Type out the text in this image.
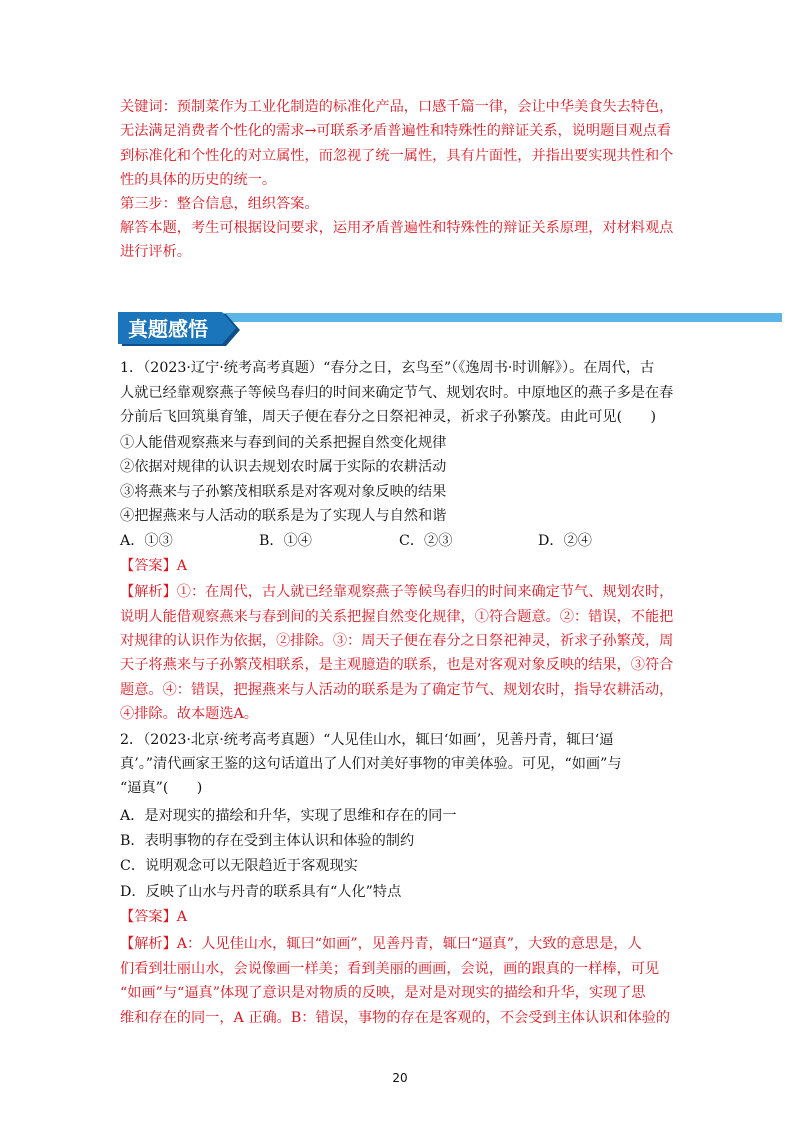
关键词：预制菜作为工业化制造的标准化产品，口感千篇一律，会让中华美食失去特色，
无法满足消费者个性化的需求→可联系矛盾普遍性和特殊性的辩证关系，说明题目观点看
到标准化和个性化的对立属性，而忽视了统一属性，具有片面性，并指出要实现共性和个
性的具体的历史的统一。
第三步：整合信息，组织答案。
解答本题，考生可根据设问要求，运用矛盾普遍性和特殊性的辩证关系原理，对材料观点
进行评析。
真题感悟
1．（2023·辽宁·统考高考真题）“春分之日，玄鸟至”（《逸周书·时训解》）。在周代，古
人就已经靠观察燕子等候鸟春归的时间来确定节气、规划农时。中原地区的燕子多是在春
分前后飞回筑巢育雏，周天子便在春分之日祭祀神灵，祈求子孙繁茂。由此可见(　　)
①人能借观察燕来与春到间的关系把握自然变化规律
②依据对规律的认识去规划农时属于实际的农耕活动
③将燕来与子孙繁茂相联系是对客观对象反映的结果
④把握燕来与人活动的联系是为了实现人与自然和谐
A．①③	B．①④	C．②③	D．②④
【答案】A
【解析】①：在周代，古人就已经靠观察燕子等候鸟春归的时间来确定节气、规划农时，
说明人能借观察燕来与春到间的关系把握自然变化规律，①符合题意。②：错误，不能把
对规律的认识作为依据，②排除。③：周天子便在春分之日祭祀神灵，祈求子孙繁茂，周
天子将燕来与子孙繁茂相联系，是主观臆造的联系，也是对客观对象反映的结果，③符合
题意。④：错误，把握燕来与人活动的联系是为了确定节气、规划农时，指导农耕活动，
④排除。故本题选A。
2．（2023·北京·统考高考真题）“人见佳山水，辄曰‘如画’，见善丹青，辄曰‘逼
真’。”清代画家王鉴的这句话道出了人们对美好事物的审美体验。可见，“如画”与
“逼真”(　　)
A．是对现实的描绘和升华，实现了思维和存在的同一
B．表明事物的存在受到主体认识和体验的制约
C．说明观念可以无限趋近于客观现实
D．反映了山水与丹青的联系具有“人化”特点
【答案】A
【解析】A：人见佳山水，辄曰“如画”，见善丹青，辄曰“逼真”，大致的意思是，人
们看到壮丽山水，会说像画一样美；看到美丽的画画，会说，画的跟真的一样棒，可见
“如画”与“逼真”体现了意识是对物质的反映，是对是对现实的描绘和升华，实现了思
维和存在的同一，A 正确。B：错误，事物的存在是客观的，不会受到主体认识和体验的
20
